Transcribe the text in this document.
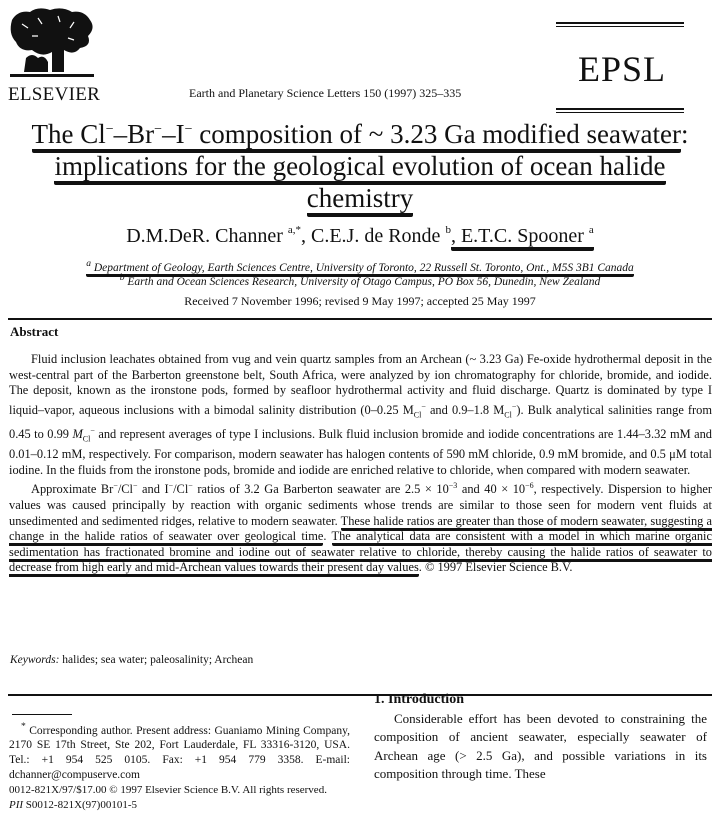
ELSEVIER	Earth and Planetary Science Letters 150 (1997) 325–335
EPSL
The Cl−–Br−–I− composition of ~ 3.23 Ga modified seawater:
implications for the geological evolution of ocean halide
chemistry
D.M.DeR. Channer $^{a,*}$, C.E.J. de Ronde $^b$, E.T.C. Spooner $^a$
$^a$ Department of Geology, Earth Sciences Centre, University of Toronto, 22 Russell St. Toronto, Ont., M5S 3B1 Canada
$^b$ Earth and Ocean Sciences Research, University of Otago Campus, PO Box 56, Dunedin, New Zealand
Received 7 November 1996; revised 9 May 1997; accepted 25 May 1997
Abstract

Fluid inclusion leachates obtained from vug and vein quartz samples from an Archean (~ 3.23 Ga) Fe-oxide hydrothermal deposit in the west-central part of the Barberton greenstone belt, South Africa, were analyzed by ion chromatography for chloride, bromide, and iodide. The deposit, known as the ironstone pods, formed by seafloor hydrothermal activity and fluid discharge. Quartz is dominated by type I liquid–vapor, aqueous inclusions with a bimodal salinity distribution (0–0.25 $M_{Cl}^-$ and 0.9–1.8 $M_{Cl}^-$). Bulk analytical salinities range from 0.45 to 0.99 $M_{Cl}^-$ and represent averages of type I inclusions. Bulk fluid inclusion bromide and iodide concentrations are 1.44–3.32 mM and 0.01–0.12 mM, respectively. For comparison, modern seawater has halogen contents of 590 mM chloride, 0.9 mM bromide, and 0.5 μM total iodine. In the fluids from the ironstone pods, bromide and iodide are enriched relative to chloride, when compared with modern seawater.

Approximate Br−/Cl− and I−/Cl− ratios of 3.2 Ga Barberton seawater are $2.5 \times 10^{-3}$ and $40 \times 10^{-6}$, respectively. Dispersion to higher values was caused principally by reaction with organic sediments whose trends are similar to those seen for modern vent fluids at unsedimented and sedimented ridges, relative to modern seawater. These halide ratios are greater than those of modern seawater, suggesting a change in the halide ratios of seawater over geological time. The analytical data are consistent with a model in which marine organic sedimentation has fractionated bromine and iodine out of seawater relative to chloride, thereby causing the halide ratios of seawater to decrease from high early and mid-Archean values towards their present day values. © 1997 Elsevier Science B.V.

Keywords: halides; sea water; paleosalinity; Archean

* Corresponding author. Present address: Guaniamo Mining Company, 2170 SE 17th Street, Ste 202, Fort Lauderdale, FL 33316-3120, USA. Tel.: +1 954 525 0105. Fax: +1 954 779 3358. E-mail: dchanner@compuserve.com

0012-821X/97/$17.00 © 1997 Elsevier Science B.V. All rights reserved.
PII S0012-821X(97)00101-5
1. Introduction

Considerable effort has been devoted to constraining the composition of ancient seawater, especially seawater of Archean age (> 2.5 Ga), and possible variations in its composition through time. These
